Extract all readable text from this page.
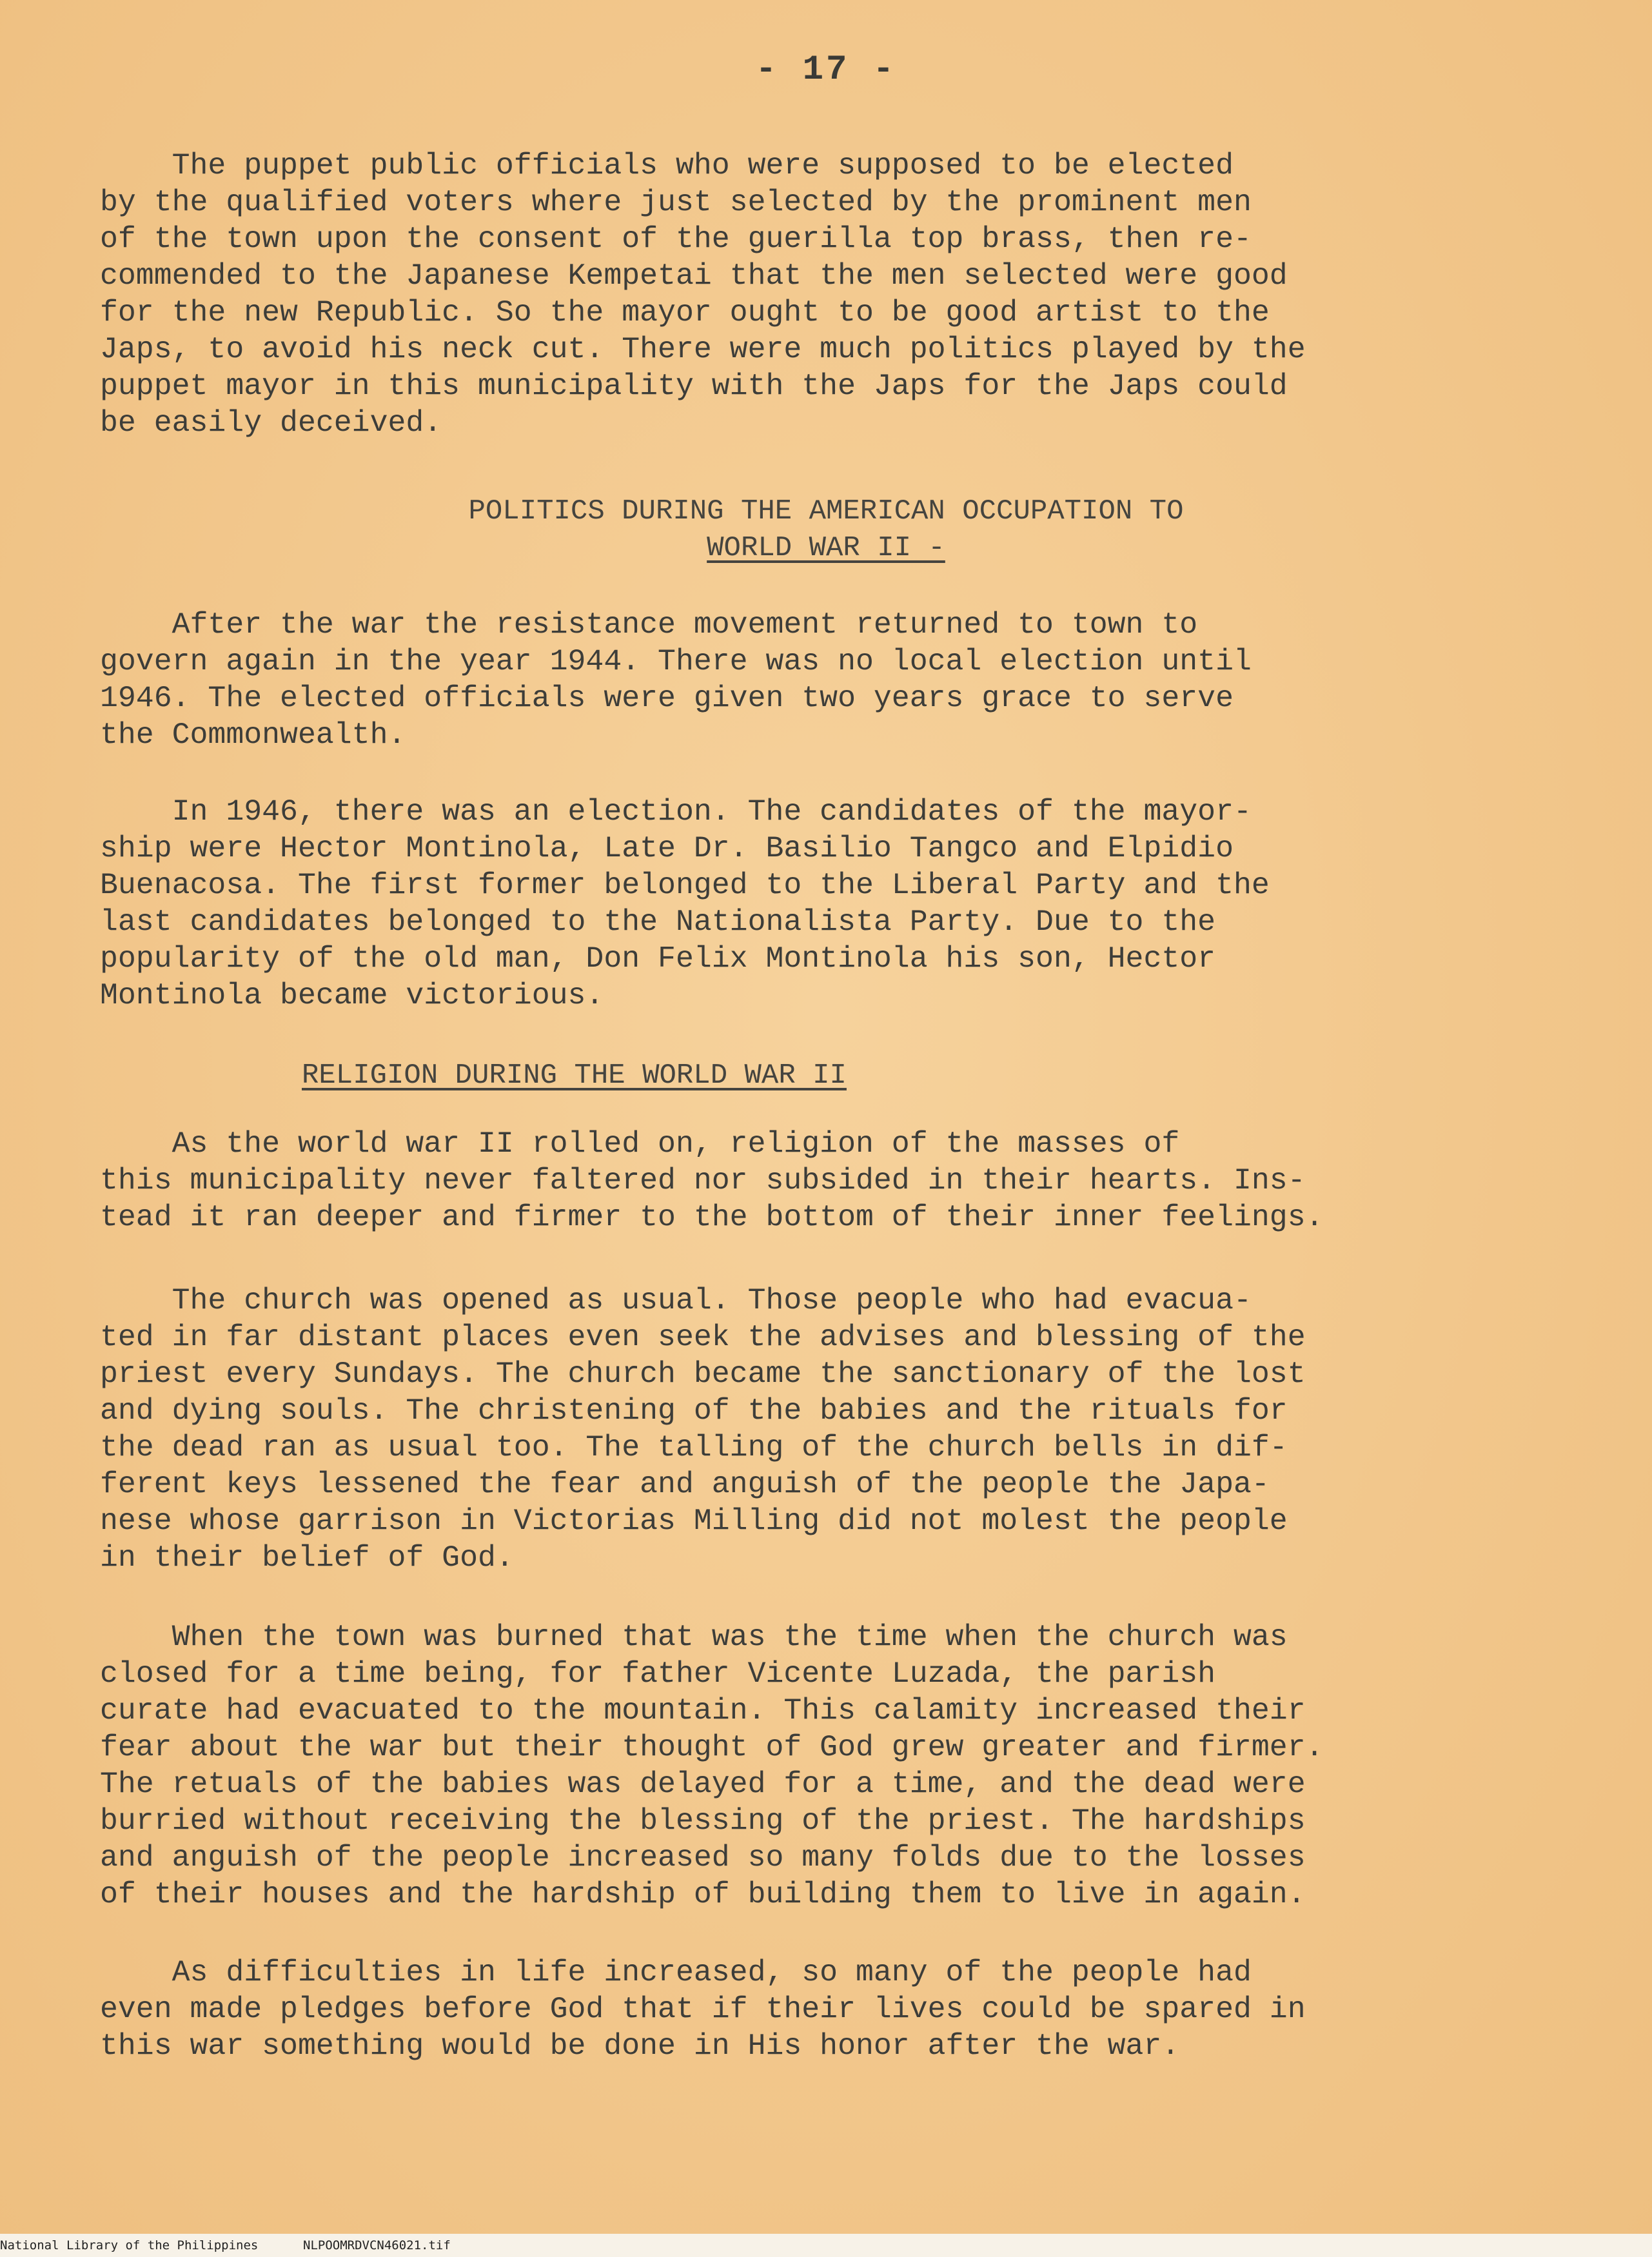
- 17 -
The puppet public officials who were supposed to be elected
by the qualified voters where just selected by the prominent men
of the town upon the consent of the guerilla top brass, then re-
commended to the Japanese Kempetai that the men selected were good
for the new Republic. So the mayor ought to be good artist to the
Japs, to avoid his neck cut. There were much politics played by the
puppet mayor in this municipality with the Japs for the Japs could
be easily deceived.
POLITICS DURING THE AMERICAN OCCUPATION TO
WORLD WAR II -
After the war the resistance movement returned to town to
govern again in the year 1944. There was no local election until
1946. The elected officials were given two years grace to serve
the Commonwealth.
In 1946, there was an election. The candidates of the mayor-
ship were Hector Montinola, Late Dr. Basilio Tangco and Elpidio
Buenacosa. The first former belonged to the Liberal Party and the
last candidates belonged to the Nationalista Party. Due to the
popularity of the old man, Don Felix Montinola his son, Hector
Montinola became victorious.
RELIGION DURING THE WORLD WAR II
As the world war II rolled on, religion of the masses of
this municipality never faltered nor subsided in their hearts. Ins-
tead it ran deeper and firmer to the bottom of their inner feelings.
The church was opened as usual. Those people who had evacua-
ted in far distant places even seek the advises and blessing of the
priest every Sundays. The church became the sanctionary of the lost
and dying souls. The christening of the babies and the rituals for
the dead ran as usual too. The talling of the church bells in dif-
ferent keys lessened the fear and anguish of the people the Japa-
nese whose garrison in Victorias Milling did not molest the people
in their belief of God.
When the town was burned that was the time when the church was
closed for a time being, for father Vicente Luzada, the parish
curate had evacuated to the mountain. This calamity increased their
fear about the war but their thought of God grew greater and firmer.
The retuals of the babies was delayed for a time, and the dead were
burried without receiving the blessing of the priest. The hardships
and anguish of the people increased so many folds due to the losses
of their houses and the hardship of building them to live in again.
As difficulties in life increased, so many of the people had
even made pledges before God that if their lives could be spared in
this war something would be done in His honor after the war.
National Library of the Philippines	NLPOOMRDVCN46021.tif
